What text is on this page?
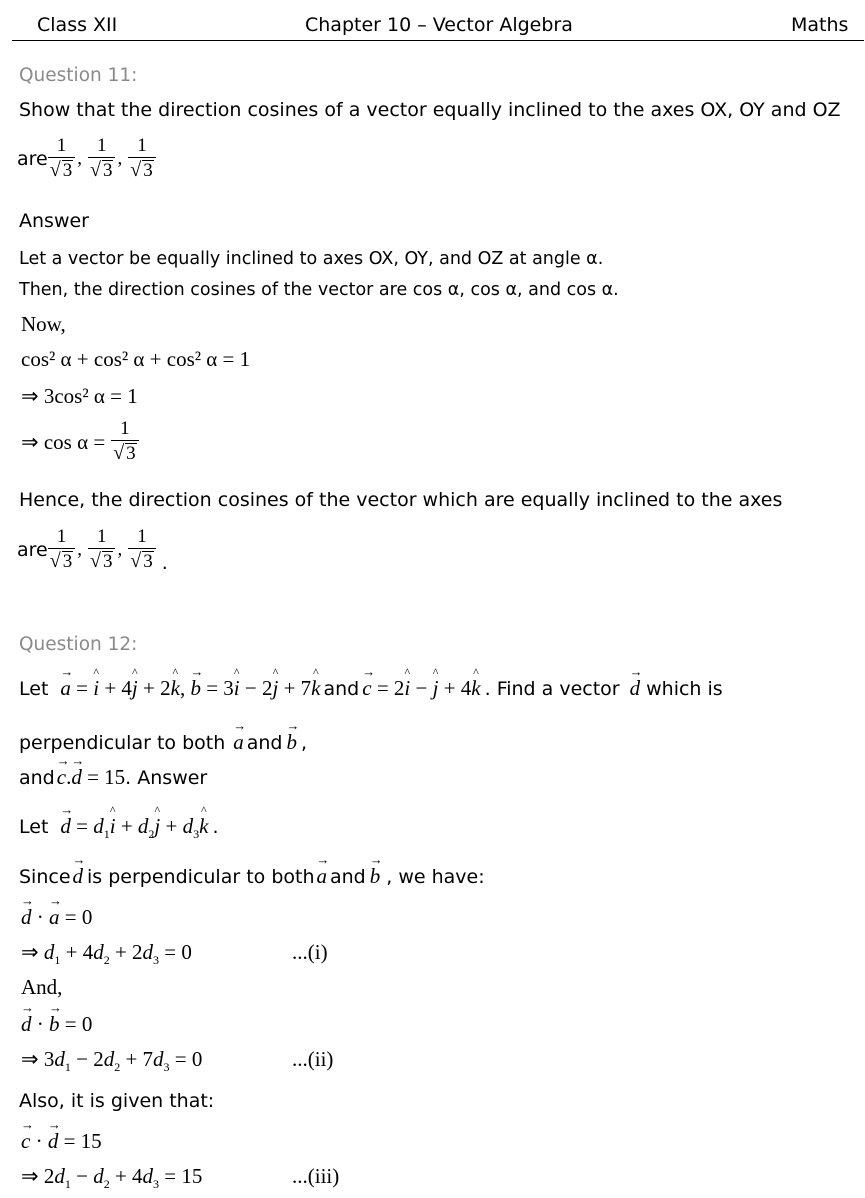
Class XII	Chapter 10 – Vector Algebra	Maths
Question 11:
Show that the direction cosines of a vector equally inclined to the axes OX, OY and OZ
are $\frac{1}{√ 3}$ , $\frac{1}{√ 3}$ , $\frac{1}{√ 3}$
Answer
Let a vector be equally inclined to axes OX, OY, and OZ at angle α.
Then, the direction cosines of the vector are cos α, cos α, and cos α.
Now,
cos² α + cos² α + cos² α = 1
⇒ 3cos² α = 1
⇒ $\cos \alpha = \frac{1}{√ 3}$
Hence, the direction cosines of the vector which are equally inclined to the axes
are $\frac{1}{√ 3}$ , $\frac{1}{√ 3}$ , $\frac{1}{√ 3}$ .
Question 12:
Let → a = ^ i + 4^ j + 2^ k, → b = 3^ i − 2^ j + 7^ k and → c = 2^ i − ^ j + 4^ k . Find a vector → d which is
perpendicular to both → a and → b ,
and → c.→ d = 15 . Answer
Let → $d = d_1\^{}$ $i + d_2\^{}$ $j + d_3\^{}$ k .
Since → d is perpendicular to both → a and → b , we have:
→ d · → a = 0
⇒ $d_1 + 4d_2 + 2d_3 = 0$	...(i)
And,
→ d · → b = 0
⇒ $3d_1 - 2d_2 + 7d_3 = 0$	...(ii)
Also, it is given that:
→ c · → d = 15
⇒ $2d_1 - d_2 + 4d_3 = 15$	...(iii)
